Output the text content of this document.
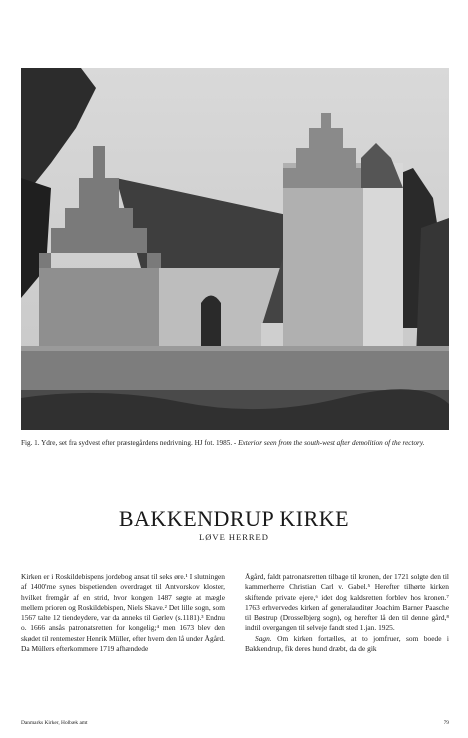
Fig. 1. Ydre, set fra sydvest efter præstegårdens nedrivning. HJ fot. 1985. - Exterior seen from the south-west after demolition of the rectory.
BAKKENDRUP KIRKE
LØVE HERRED

Kirken er i Roskildebispens jordebog ansat til seks øre.¹ I slutningen af 1400'rne synes bispetienden overdraget til Antvorskov kloster, hvilket fremgår af en strid, hvor kongen 1487 søgte at mægle mellem prioren og Roskildebispen, Niels Skave.² Det lille sogn, som 1567 talte 12 tiendeydere, var da anneks til Gørlev (s.1181).³ Endnu o. 1666 ansås patronatsretten for kongelig;⁴ men 1673 blev den skødet til rentemester Henrik Müller, efter hvem den lå under Ågård. Da Müllers efterkommere 1719 afhændede

Ågård, faldt patronatsretten tilbage til kronen, der 1721 solgte den til kammerherre Christian Carl v. Gabel.⁵ Herefter tilhørte kirken skiftende private ejere,⁶ idet dog kaldsretten forblev hos kronen.⁷ 1763 erhvervedes kirken af generalauditør Joachim Barner Paasche til Bøstrup (Drosselbjerg sogn), og herefter lå den til denne gård,⁸ indtil overgangen til selveje fandt sted 1.jan. 1925.

Sagn. Om kirken fortælles, at to jomfruer, som boede i Bakkendrup, fik deres hund dræbt, da de gik

Danmarks Kirker, Holbæk amt	79
